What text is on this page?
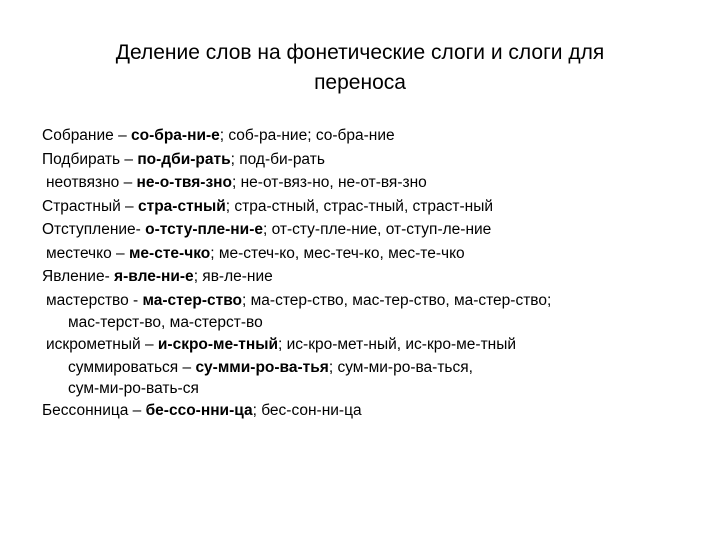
Деление слов на фонетические слоги и слоги для
переноса
Собрание – со-бра-ни-е; соб-ра-ние; со-бра-ние
Подбирать – по-дби-рать; под-би-рать
неотвязно – не-о-твя-зно; не-от-вяз-но, не-от-вя-зно
Страстный – стра-стный; стра-стный, страс-тный, страст-ный
Отступление- о-тсту-пле-ни-е; от-сту-пле-ние, от-ступ-ле-ние
местечко – ме-сте-чко; ме-стеч-ко, мес-теч-ко, мес-те-чко
Явление- я-вле-ни-е; яв-ле-ние
мастерство - ма-стер-ство; ма-стер-ство, мас-тер-ство, ма-стер-ство;
мас-терст-во, ма-стерст-во
искрометный – и-скро-ме-тный; ис-кро-мет-ный, ис-кро-ме-тный
суммироваться – су-мми-ро-ва-тья; сум-ми-ро-ва-ться,
сум-ми-ро-вать-ся
Бессонница – бе-ссо-нни-ца; бес-сон-ни-ца
